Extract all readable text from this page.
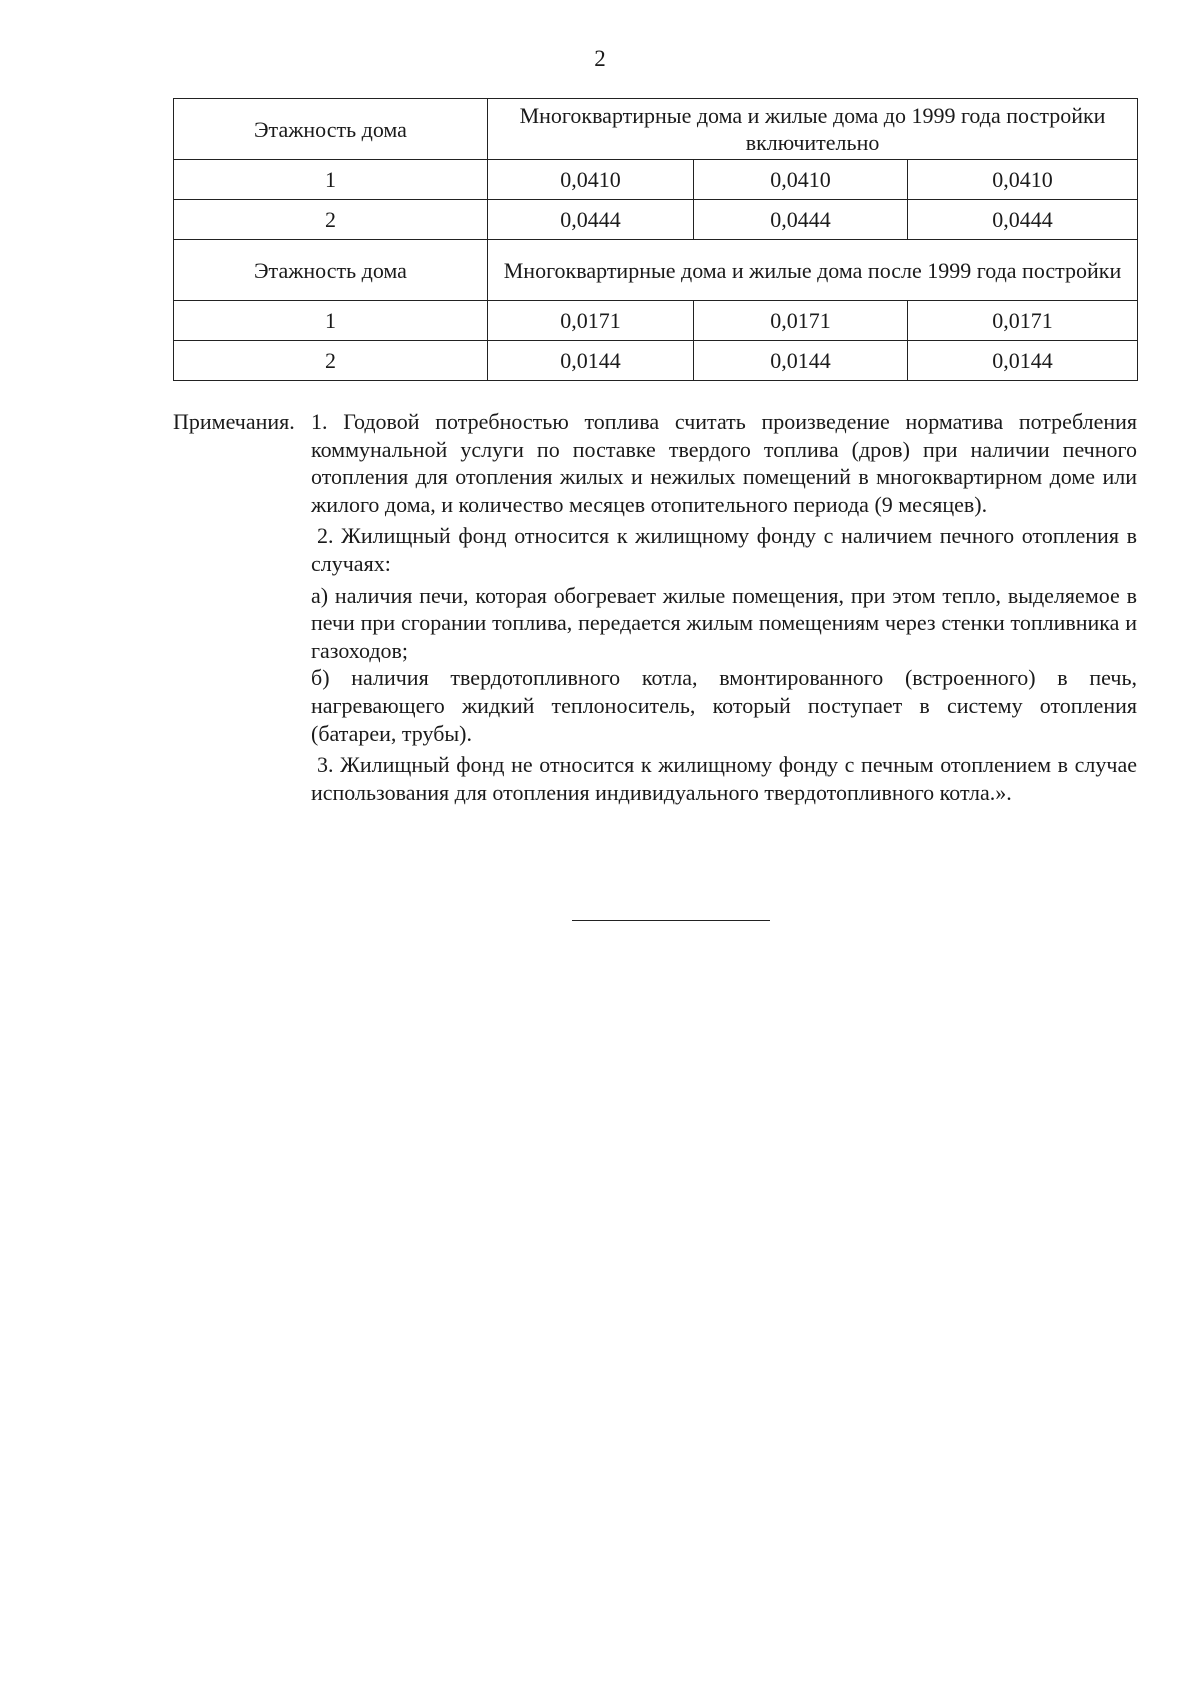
2
Этажность дома	Многоквартирные дома и жилые дома до 1999 года постройки включительно		
1	0,0410	0,0410	0,0410
2	0,0444	0,0444	0,0444
Этажность дома	Многоквартирные дома и жилые дома после 1999 года постройки		
1	0,0171	0,0171	0,0171
2	0,0144	0,0144	0,0144
Примечания. 1. Годовой потребностью топлива считать произведение норматива потребления коммунальной услуги по поставке твердого топлива (дров) при наличии печного отопления для отопления жилых и нежилых помещений в многоквартирном доме или жилого дома, и количество месяцев отопительного периода (9 месяцев).

2. Жилищный фонд относится к жилищному фонду с наличием печного отопления в случаях:

а) наличия печи, которая обогревает жилые помещения, при этом тепло, выделяемое в печи при сгорании топлива, передается жилым помещениям через стенки топливника и газоходов;

б) наличия твердотопливного котла, вмонтированного (встроенного) в печь, нагревающего жидкий теплоноситель, который поступает в систему отопления (батареи, трубы).

3. Жилищный фонд не относится к жилищному фонду с печным отоплением в случае использования для отопления индивидуального твердотопливного котла.».
